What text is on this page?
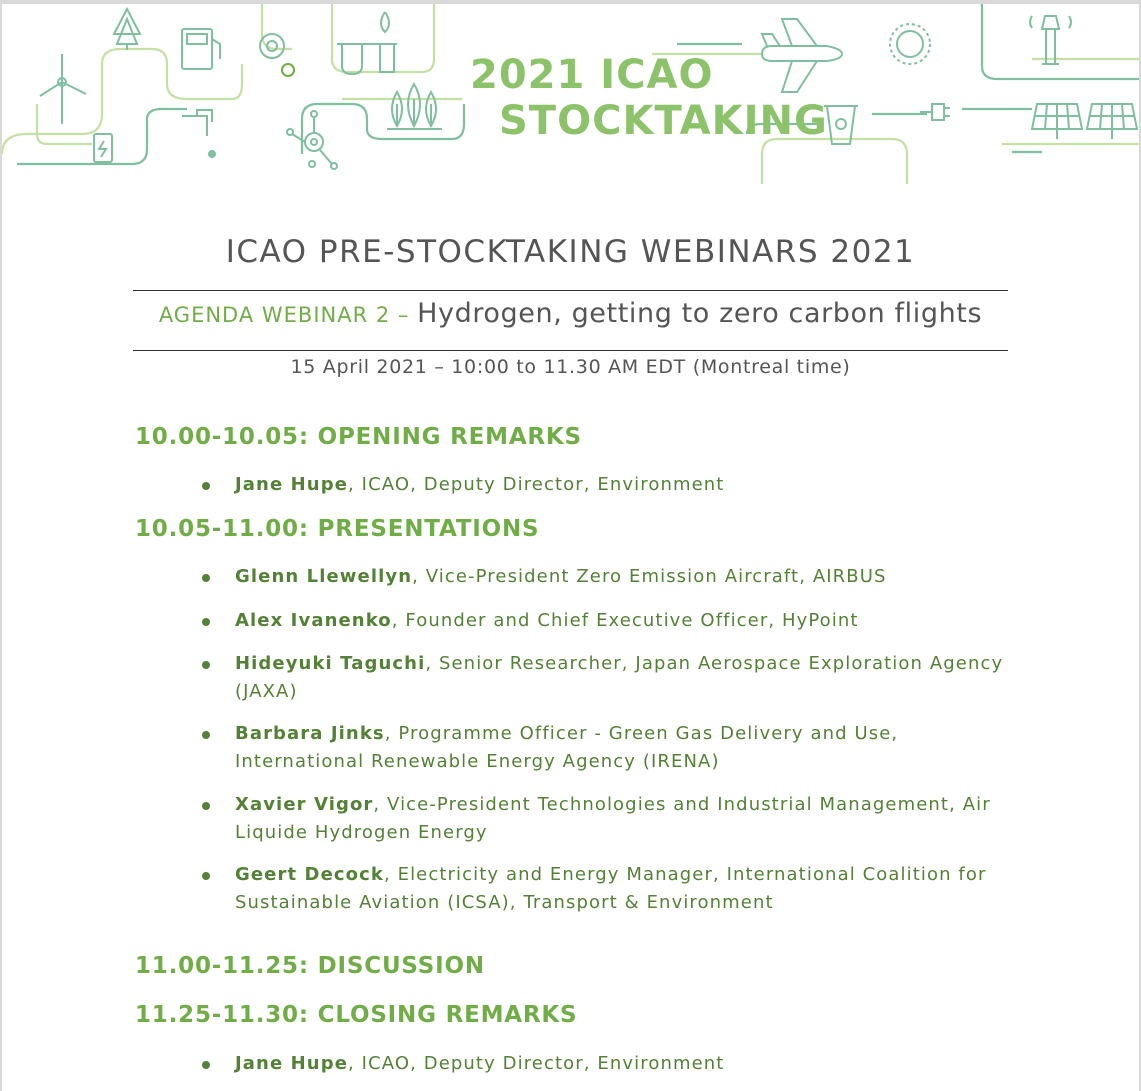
2021 ICAO
STOCKTAKING
ICAO PRE-STOCKTAKING WEBINARS 2021
AGENDA WEBINAR 2 – Hydrogen, getting to zero carbon flights
15 April 2021 – 10:00 to 11.30 AM EDT (Montreal time)
10.00-10.05: OPENING REMARKS
Jane Hupe, ICAO, Deputy Director, Environment
10.05-11.00: PRESENTATIONS
Glenn Llewellyn, Vice-President Zero Emission Aircraft, AIRBUS
Alex Ivanenko, Founder and Chief Executive Officer, HyPoint
Hideyuki Taguchi, Senior Researcher, Japan Aerospace Exploration Agency (JAXA)
Barbara Jinks, Programme Officer - Green Gas Delivery and Use, International Renewable Energy Agency (IRENA)
Xavier Vigor, Vice-President Technologies and Industrial Management, Air Liquide Hydrogen Energy
Geert Decock, Electricity and Energy Manager, International Coalition for Sustainable Aviation (ICSA), Transport & Environment
11.00-11.25: DISCUSSION
11.25-11.30: CLOSING REMARKS
Jane Hupe, ICAO, Deputy Director, Environment
